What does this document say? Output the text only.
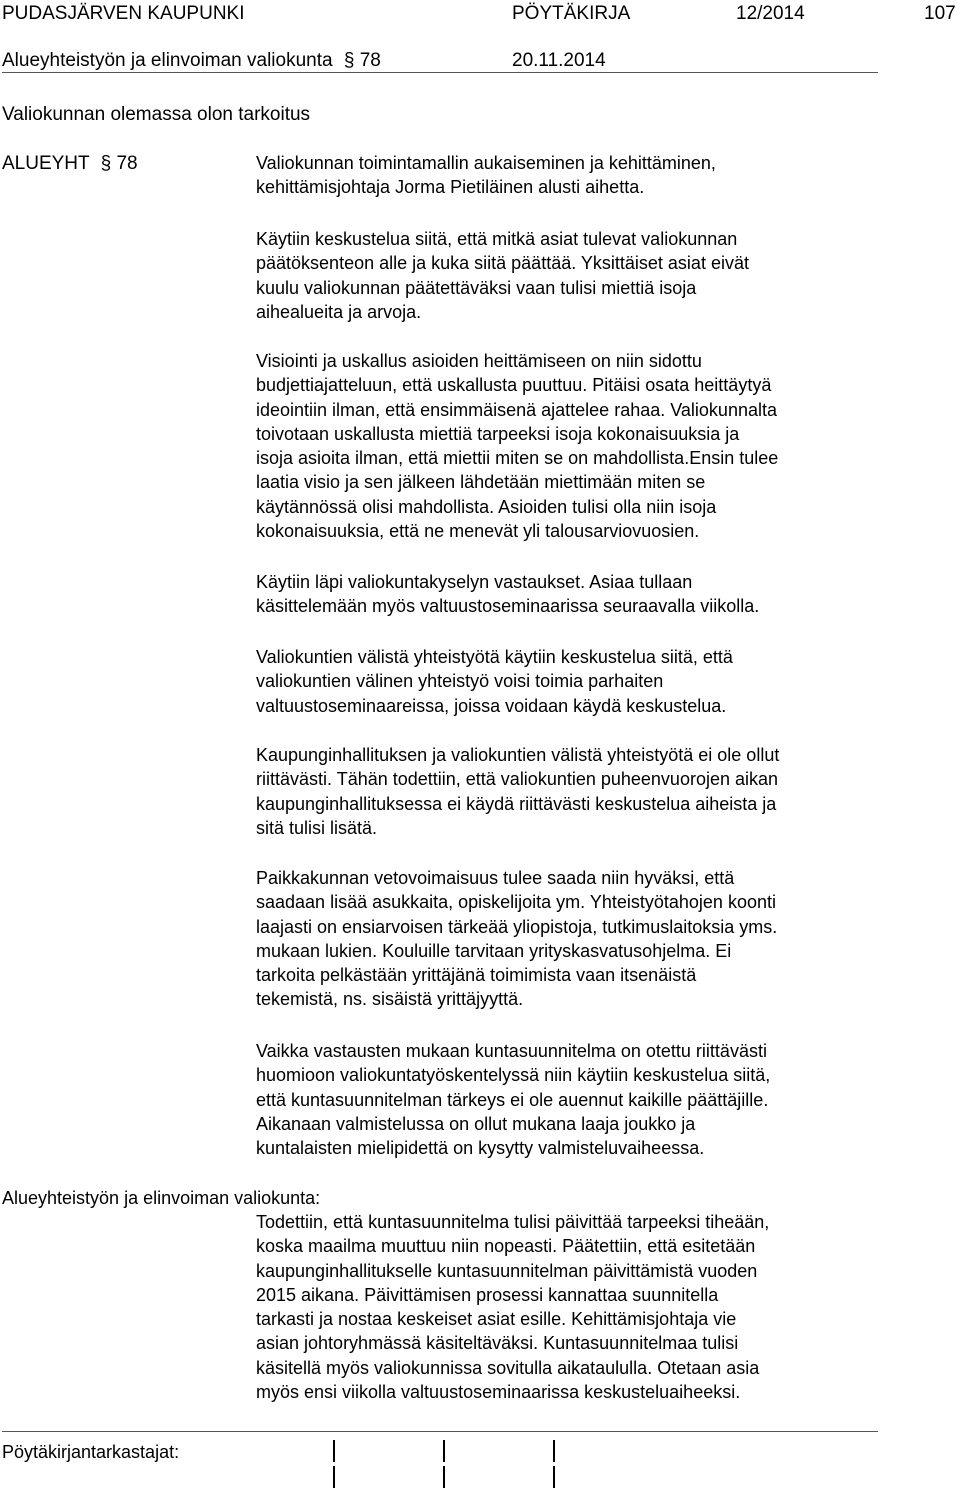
PUDASJÄRVEN KAUPUNKI	PÖYTÄKIRJA	12/2014	107
Alueyhteistyön ja elinvoiman valiokunta § 78	20.11.2014
Valiokunnan olemassa olon tarkoitus
ALUEYHT § 78	Valiokunnan toimintamallin aukaiseminen ja kehittäminen,
kehittämisjohtaja Jorma Pietiläinen alusti aihetta.
Käytiin keskustelua siitä, että mitkä asiat tulevat valiokunnan
päätöksenteon alle ja kuka siitä päättää. Yksittäiset asiat eivät
kuulu valiokunnan päätettäväksi vaan tulisi miettiä isoja
aihealueita ja arvoja.
Visiointi ja uskallus asioiden heittämiseen on niin sidottu
budjettiajatteluun, että uskallusta puuttuu. Pitäisi osata heittäytyä
ideointiin ilman, että ensimmäisenä ajattelee rahaa. Valiokunnalta
toivotaan uskallusta miettiä tarpeeksi isoja kokonaisuuksia ja
isoja asioita ilman, että miettii miten se on mahdollista.Ensin tulee
laatia visio ja sen jälkeen lähdetään miettimään miten se
käytännössä olisi mahdollista. Asioiden tulisi olla niin isoja
kokonaisuuksia, että ne menevät yli talousarviovuosien.
Käytiin läpi valiokuntakyselyn vastaukset. Asiaa tullaan
käsittelemään myös valtuustoseminaarissa seuraavalla viikolla.
Valiokuntien välistä yhteistyötä käytiin keskustelua siitä, että
valiokuntien välinen yhteistyö voisi toimia parhaiten
valtuustoseminaareissa, joissa voidaan käydä keskustelua.
Kaupunginhallituksen ja valiokuntien välistä yhteistyötä ei ole ollut
riittävästi. Tähän todettiin, että valiokuntien puheenvuorojen aikan
kaupunginhallituksessa ei käydä riittävästi keskustelua aiheista ja
sitä tulisi lisätä.
Paikkakunnan vetovoimaisuus tulee saada niin hyväksi, että
saadaan lisää asukkaita, opiskelijoita ym. Yhteistyötahojen koonti
laajasti on ensiarvoisen tärkeää yliopistoja, tutkimuslaitoksia yms.
mukaan lukien. Kouluille tarvitaan yrityskasvatusohjelma. Ei
tarkoita pelkästään yrittäjänä toimimista vaan itsenäistä
tekemistä, ns. sisäistä yrittäjyyttä.
Vaikka vastausten mukaan kuntasuunnitelma on otettu riittävästi
huomioon valiokuntatyöskentelyssä niin käytiin keskustelua siitä,
että kuntasuunnitelman tärkeys ei ole auennut kaikille päättäjille.
Aikanaan valmistelussa on ollut mukana laaja joukko ja
kuntalaisten mielipidettä on kysytty valmisteluvaiheessa.
Alueyhteistyön ja elinvoiman valiokunta:
Todettiin, että kuntasuunnitelma tulisi päivittää tarpeeksi tiheään,
koska maailma muuttuu niin nopeasti. Päätettiin, että esitetään
kaupunginhallitukselle kuntasuunnitelman päivittämistä vuoden
2015 aikana. Päivittämisen prosessi kannattaa suunnitella
tarkasti ja nostaa keskeiset asiat esille. Kehittämisjohtaja vie
asian johtoryhmässä käsiteltäväksi. Kuntasuunnitelmaa tulisi
käsitellä myös valiokunnissa sovitulla aikataululla. Otetaan asia
myös ensi viikolla valtuustoseminaarissa keskusteluaiheeksi.
Pöytäkirjantarkastajat:
